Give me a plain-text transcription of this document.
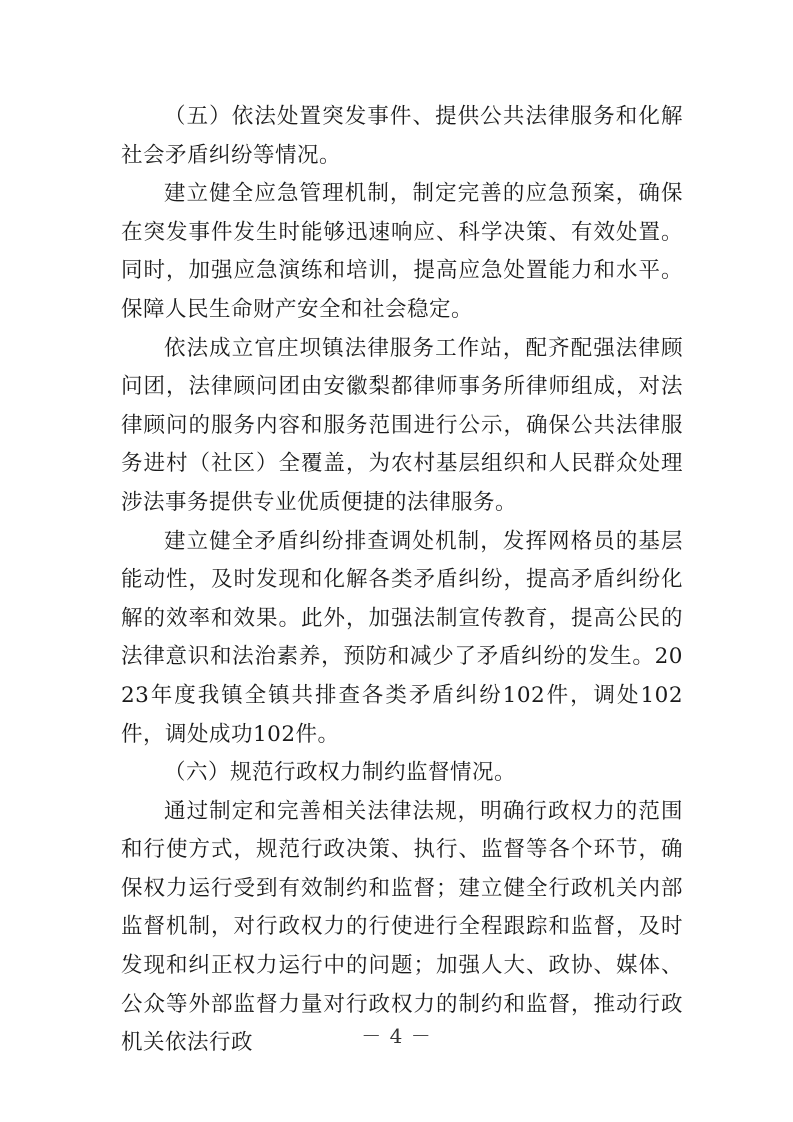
（五）依法处置突发事件、提供公共法律服务和化解社会矛盾纠纷等情况。

建立健全应急管理机制，制定完善的应急预案，确保在突发事件发生时能够迅速响应、科学决策、有效处置。同时，加强应急演练和培训，提高应急处置能力和水平。保障人民生命财产安全和社会稳定。

依法成立官庄坝镇法律服务工作站，配齐配强法律顾问团，法律顾问团由安徽梨都律师事务所律师组成，对法律顾问的服务内容和服务范围进行公示，确保公共法律服务进村（社区）全覆盖，为农村基层组织和人民群众处理涉法事务提供专业优质便捷的法律服务。

建立健全矛盾纠纷排查调处机制，发挥网格员的基层能动性，及时发现和化解各类矛盾纠纷，提高矛盾纠纷化解的效率和效果。此外，加强法制宣传教育，提高公民的法律意识和法治素养，预防和减少了矛盾纠纷的发生。2023年度我镇全镇共排查各类矛盾纠纷102件，调处102件，调处成功102件。

（六）规范行政权力制约监督情况。

通过制定和完善相关法律法规，明确行政权力的范围和行使方式，规范行政决策、执行、监督等各个环节，确保权力运行受到有效制约和监督；建立健全行政机关内部监督机制，对行政权力的行使进行全程跟踪和监督，及时发现和纠正权力运行中的问题；加强人大、政协、媒体、公众等外部监督力量对行政权力的制约和监督，推动行政机关依法行政	－ 4 －
